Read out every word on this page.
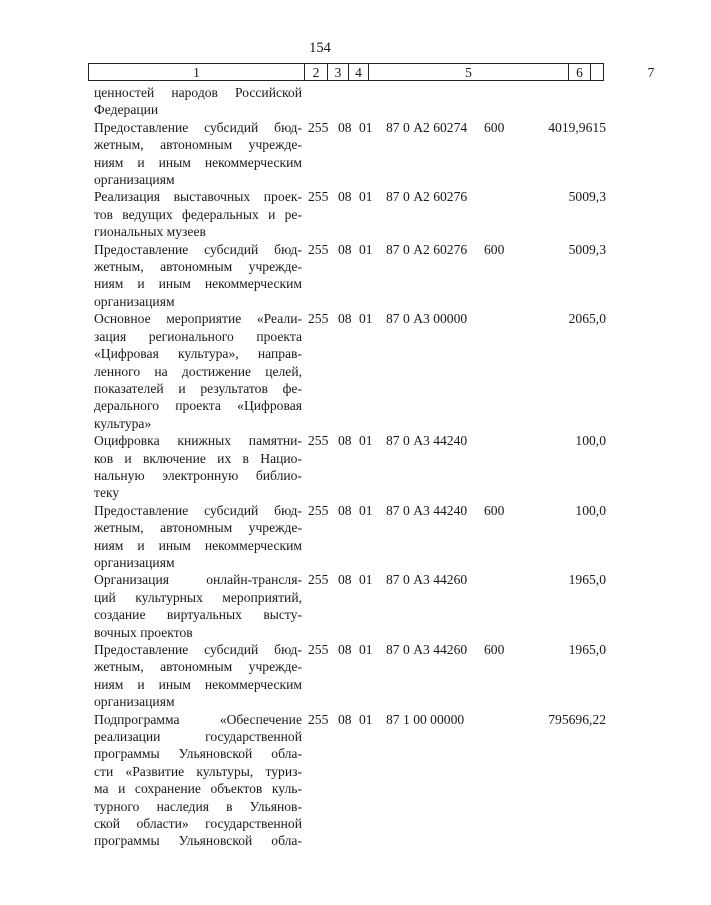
154
1	2	3	4	5	6	7
ценностей народов Российской
Федерации
Предоставление субсидий бюд-
жетным, автономным учрежде-
ниям и иным некоммерческим
организациям
255 08 01 87 0 А2 60274 600	4019,9615
Реализация выставочных проек-
тов ведущих федеральных и ре-
гиональных музеев
255 08 01 87 0 А2 60276	5009,3
Предоставление субсидий бюд-
жетным, автономным учрежде-
ниям и иным некоммерческим
организациям
255 08 01 87 0 А2 60276 600	5009,3
Основное мероприятие «Реали-
зация регионального проекта
«Цифровая культура», направ-
ленного на достижение целей,
показателей и результатов фе-
дерального проекта «Цифровая
культура»
255 08 01 87 0 А3 00000	2065,0
Оцифровка книжных памятни-
ков и включение их в Нацио-
нальную электронную библио-
теку
255 08 01 87 0 А3 44240	100,0
Предоставление субсидий бюд-
жетным, автономным учрежде-
ниям и иным некоммерческим
организациям
255 08 01 87 0 А3 44240 600	100,0
Организация онлайн-трансля-
ций культурных мероприятий,
создание виртуальных высту-
вочных проектов
255 08 01 87 0 А3 44260	1965,0
Предоставление субсидий бюд-
жетным, автономным учрежде-
ниям и иным некоммерческим
организациям
255 08 01 87 0 А3 44260 600	1965,0
Подпрограмма «Обеспечение
реализации государственной
программы Ульяновской обла-
сти «Развитие культуры, туриз-
ма и сохранение объектов куль-
турного наследия в Ульянов-
ской области» государственной
программы Ульяновской обла-
255 08 01 87 1 00 00000	795696,22
